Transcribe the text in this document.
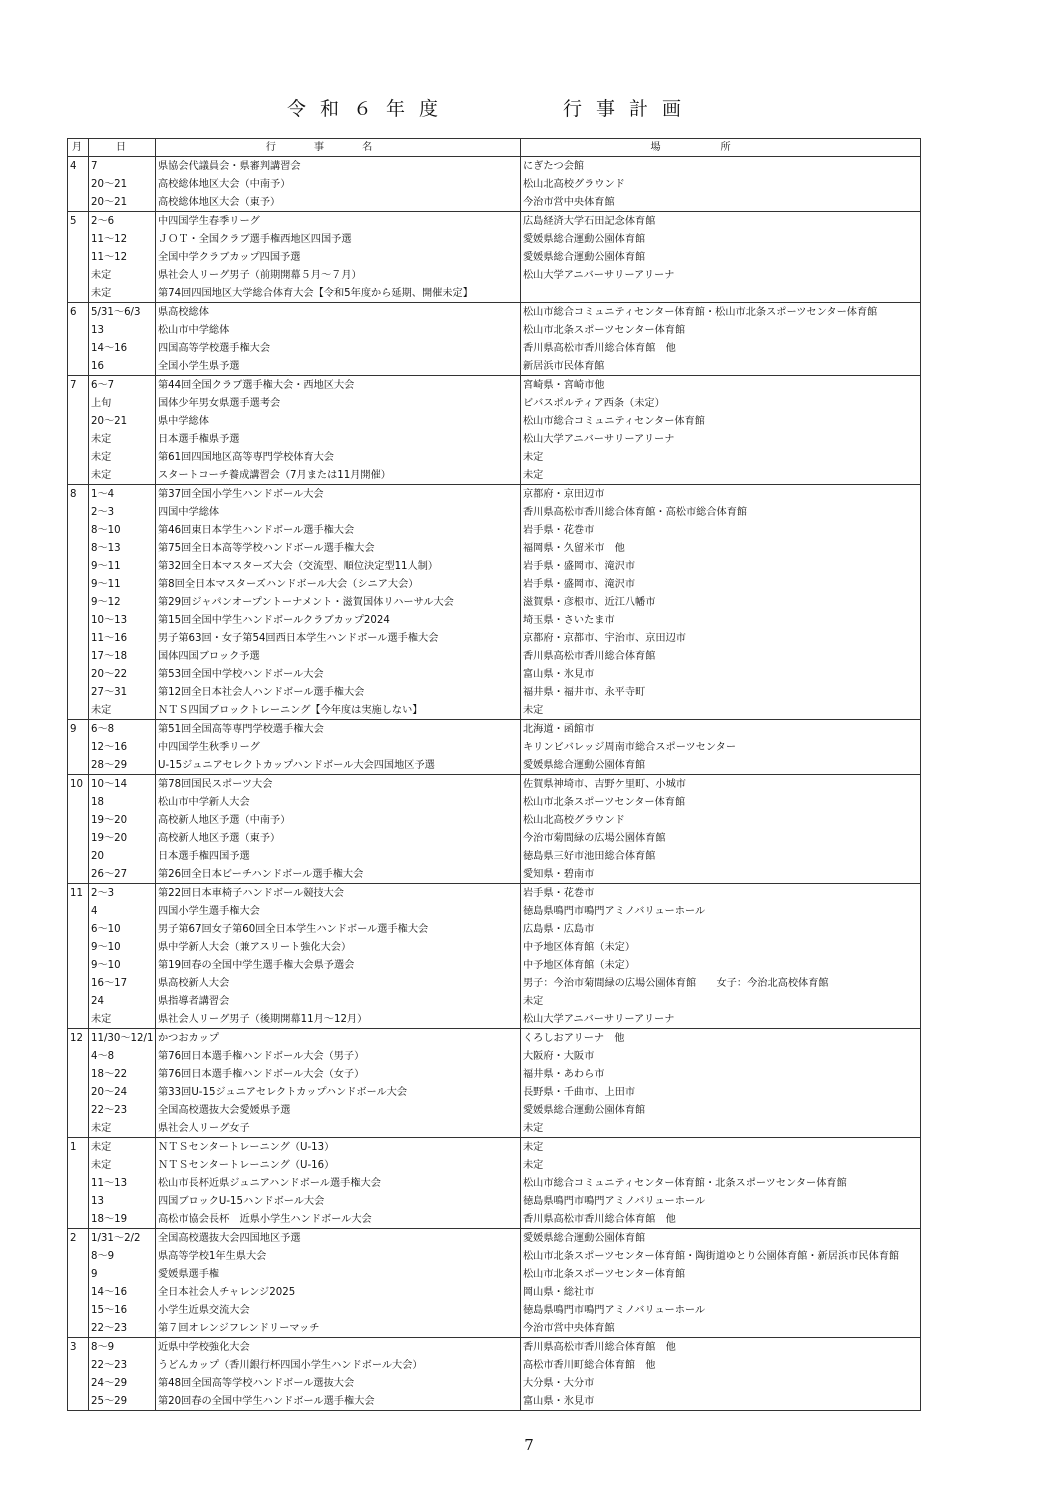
令和６年度	行事計画
月	日	行事名	場所
4	7	県協会代議員会・県審判講習会	にぎたつ会館
	20～21	高校総体地区大会（中南予）	松山北高校グラウンド
	20～21	高校総体地区大会（東予）	今治市営中央体育館
5	2～6	中四国学生春季リーグ	広島経済大学石田記念体育館
	11～12	ＪＯＴ・全国クラブ選手権西地区四国予選	愛媛県総合運動公園体育館
	11～12	全国中学クラブカップ四国予選	愛媛県総合運動公園体育館
	未定	県社会人リーグ男子（前期開幕５月～７月）	松山大学アニバーサリーアリーナ
	未定	第74回四国地区大学総合体育大会【令和5年度から延期、開催未定】	
6	5/31～6/3	県高校総体	松山市総合コミュニティセンター体育館・松山市北条スポーツセンター体育館
	13	松山市中学総体	松山市北条スポーツセンター体育館
	14～16	四国高等学校選手権大会	香川県高松市香川総合体育館　他
	16	全国小学生県予選	新居浜市民体育館
7	6～7	第44回全国クラブ選手権大会・西地区大会	宮崎県・宮崎市他
	上旬	国体少年男女県選手選考会	ビバスポルティア西条（未定）
	20～21	県中学総体	松山市総合コミュニティセンター体育館
	未定	日本選手権県予選	松山大学アニバーサリーアリーナ
	未定	第61回四国地区高等専門学校体育大会	未定
	未定	スタートコーチ養成講習会（7月または11月開催）	未定
8	1～4	第37回全国小学生ハンドボール大会	京都府・京田辺市
	2～3	四国中学総体	香川県高松市香川総合体育館・高松市総合体育館
	8～10	第46回東日本学生ハンドボール選手権大会	岩手県・花巻市
	8～13	第75回全日本高等学校ハンドボール選手権大会	福岡県・久留米市　他
	9～11	第32回全日本マスターズ大会（交流型、順位決定型11人制）	岩手県・盛岡市、滝沢市
	9～11	第8回全日本マスターズハンドボール大会（シニア大会）	岩手県・盛岡市、滝沢市
	9～12	第29回ジャパンオープントーナメント・滋賀国体リハーサル大会	滋賀県・彦根市、近江八幡市
	10～13	第15回全国中学生ハンドボールクラブカップ2024	埼玉県・さいたま市
	11～16	男子第63回・女子第54回西日本学生ハンドボール選手権大会	京都府・京都市、宇治市、京田辺市
	17～18	国体四国ブロック予選	香川県高松市香川総合体育館
	20～22	第53回全国中学校ハンドボール大会	富山県・氷見市
	27～31	第12回全日本社会人ハンドボール選手権大会	福井県・福井市、永平寺町
	未定	ＮＴＳ四国ブロックトレーニング【今年度は実施しない】	未定
9	6～8	第51回全国高等専門学校選手権大会	北海道・函館市
	12～16	中四国学生秋季リーグ	キリンビバレッジ周南市総合スポーツセンター
	28～29	U-15ジュニアセレクトカップハンドボール大会四国地区予選	愛媛県総合運動公園体育館
10	10～14	第78回国民スポーツ大会	佐賀県神埼市、吉野ケ里町、小城市
	18	松山市中学新人大会	松山市北条スポーツセンター体育館
	19～20	高校新人地区予選（中南予）	松山北高校グラウンド
	19～20	高校新人地区予選（東予）	今治市菊間緑の広場公園体育館
	20	日本選手権四国予選	徳島県三好市池田総合体育館
	26～27	第26回全日本ビーチハンドボール選手権大会	愛知県・碧南市
11	2～3	第22回日本車椅子ハンドボール競技大会	岩手県・花巻市
	4	四国小学生選手権大会	徳島県鳴門市鳴門アミノバリューホール
	6～10	男子第67回女子第60回全日本学生ハンドボール選手権大会	広島県・広島市
	9～10	県中学新人大会（兼アスリート強化大会）	中予地区体育館（未定）
	9～10	第19回春の全国中学生選手権大会県予選会	中予地区体育館（未定）
	16～17	県高校新人大会	男子：今治市菊間緑の広場公園体育館　　女子：今治北高校体育館
	24	県指導者講習会	未定
	未定	県社会人リーグ男子（後期開幕11月～12月）	松山大学アニバーサリーアリーナ
12	11/30～12/1	かつおカップ	くろしおアリーナ　他
	4～8	第76回日本選手権ハンドボール大会（男子）	大阪府・大阪市
	18～22	第76回日本選手権ハンドボール大会（女子）	福井県・あわら市
	20～24	第33回U-15ジュニアセレクトカップハンドボール大会	長野県・千曲市、上田市
	22～23	全国高校選抜大会愛媛県予選	愛媛県総合運動公園体育館
	未定	県社会人リーグ女子	未定
1	未定	ＮＴＳセンタートレーニング（U-13）	未定
	未定	ＮＴＳセンタートレーニング（U-16）	未定
	11～13	松山市長杯近県ジュニアハンドボール選手権大会	松山市総合コミュニティセンター体育館・北条スポーツセンター体育館
	13	四国ブロックU-15ハンドボール大会	徳島県鳴門市鳴門アミノバリューホール
	18～19	高松市協会長杯　近県小学生ハンドボール大会	香川県高松市香川総合体育館　他
2	1/31～2/2	全国高校選抜大会四国地区予選	愛媛県総合運動公園体育館
	8～9	県高等学校1年生県大会	松山市北条スポーツセンター体育館・陶街道ゆとり公園体育館・新居浜市民体育館
	9	愛媛県選手権	松山市北条スポーツセンター体育館
	14～16	全日本社会人チャレンジ2025	岡山県・総社市
	15～16	小学生近県交流大会	徳島県鳴門市鳴門アミノバリューホール
	22～23	第７回オレンジフレンドリーマッチ	今治市営中央体育館
3	8～9	近県中学校強化大会	香川県高松市香川総合体育館　他
	22～23	うどんカップ（香川銀行杯四国小学生ハンドボール大会）	高松市香川町総合体育館　他
	24～29	第48回全国高等学校ハンドボール選抜大会	大分県・大分市
	25～29	第20回春の全国中学生ハンドボール選手権大会	富山県・氷見市
7
